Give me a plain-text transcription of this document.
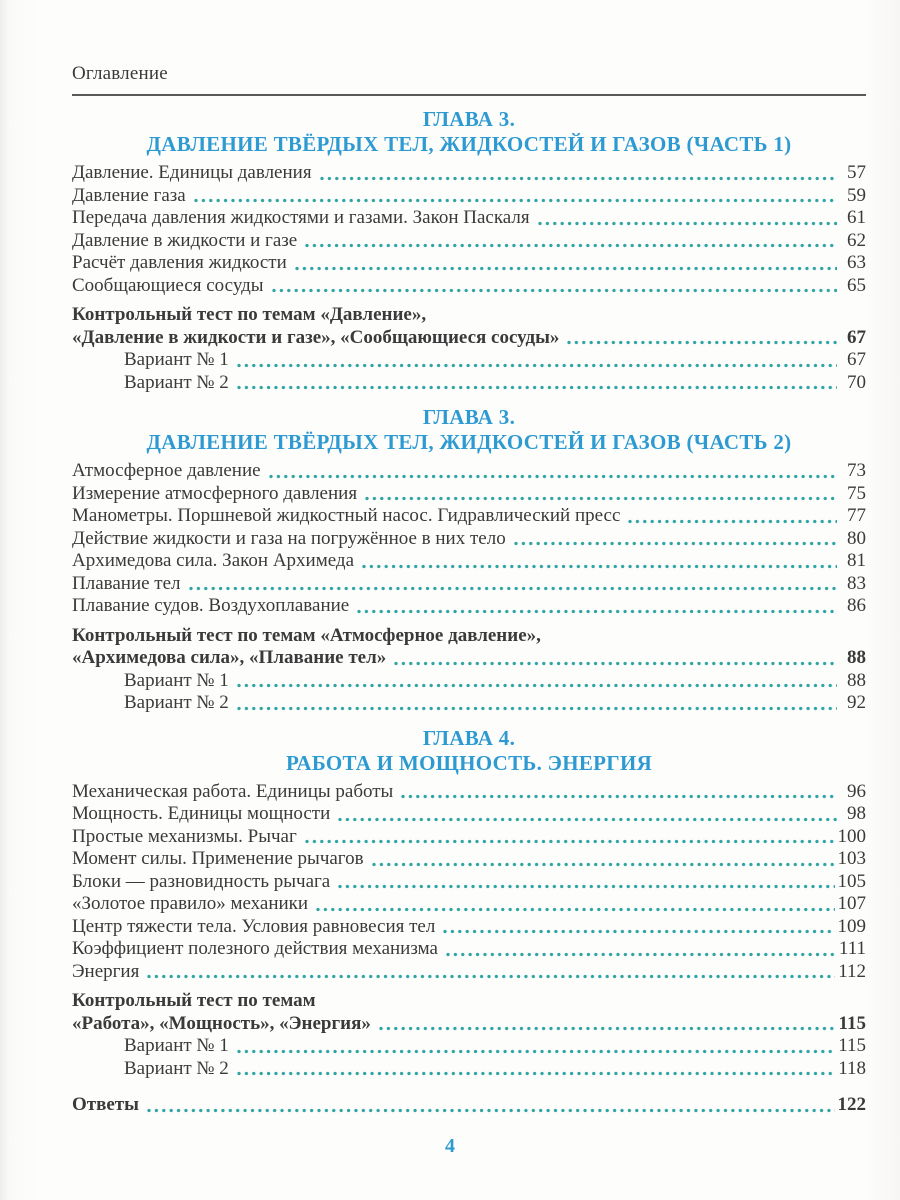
Оглавление
ГЛАВА 3.
ДАВЛЕНИЕ ТВЁРДЫХ ТЕЛ, ЖИДКОСТЕЙ И ГАЗОВ (ЧАСТЬ 1)
Давление. Единицы давления	57
Давление газа	59
Передача давления жидкостями и газами. Закон Паскаля	61
Давление в жидкости и газе	62
Расчёт давления жидкости	63
Сообщающиеся сосуды	65
Контрольный тест по темам «Давление»,
«Давление в жидкости и газе», «Сообщающиеся сосуды»	67
Вариант № 1	67
Вариант № 2	70
ГЛАВА 3.
ДАВЛЕНИЕ ТВЁРДЫХ ТЕЛ, ЖИДКОСТЕЙ И ГАЗОВ (ЧАСТЬ 2)
Атмосферное давление	73
Измерение атмосферного давления	75
Манометры. Поршневой жидкостный насос. Гидравлический пресс	77
Действие жидкости и газа на погружённое в них тело	80
Архимедова сила. Закон Архимеда	81
Плавание тел	83
Плавание судов. Воздухоплавание	86
Контрольный тест по темам «Атмосферное давление»,
«Архимедова сила», «Плавание тел»	88
Вариант № 1	88
Вариант № 2	92
ГЛАВА 4.
РАБОТА И МОЩНОСТЬ. ЭНЕРГИЯ
Механическая работа. Единицы работы	96
Мощность. Единицы мощности	98
Простые механизмы. Рычаг	100
Момент силы. Применение рычагов	103
Блоки — разновидность рычага	105
«Золотое правило» механики	107
Центр тяжести тела. Условия равновесия тел	109
Коэффициент полезного действия механизма	111
Энергия	112
Контрольный тест по темам
«Работа», «Мощность», «Энергия»	115
Вариант № 1	115
Вариант № 2	118
Ответы	122
4
